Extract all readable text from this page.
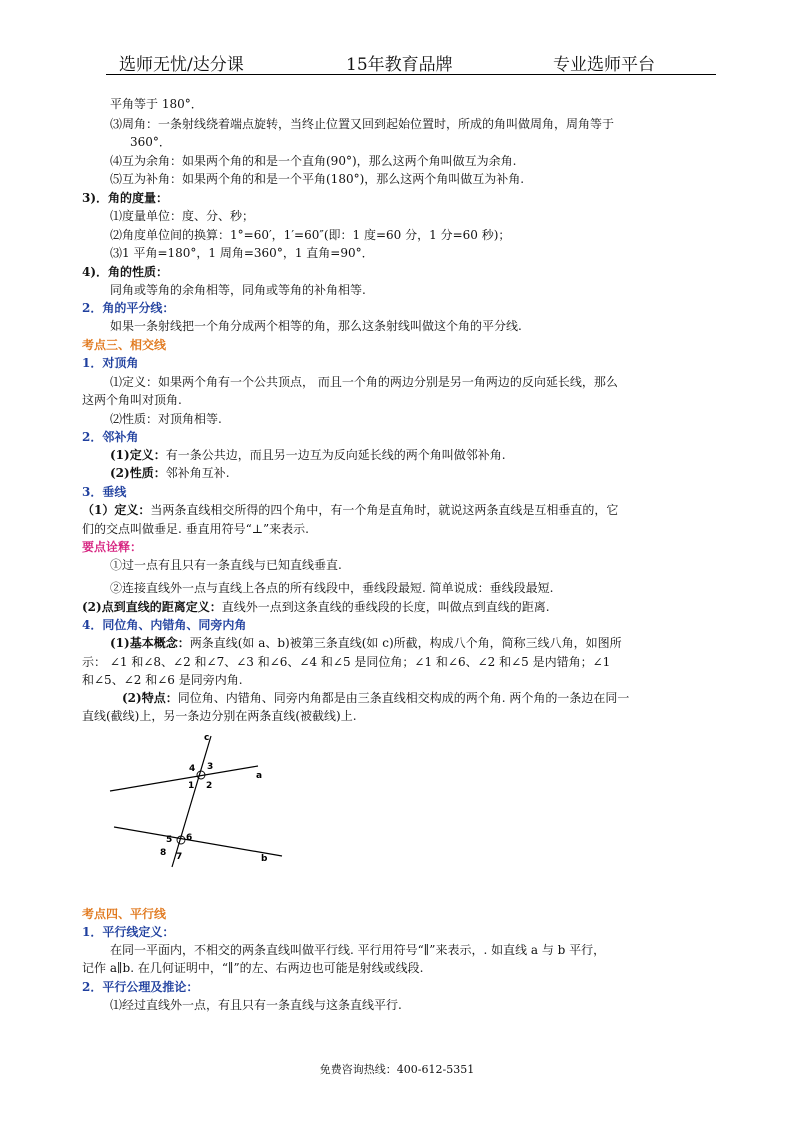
选师无忧/达分课	15年教育品牌	专业选师平台
平角等于 180°．
⑶周角：一条射线绕着端点旋转，当终止位置又回到起始位置时，所成的角叫做周角，周角等于
360°．
⑷互为余角：如果两个角的和是一个直角(90°)，那么这两个角叫做互为余角.
⑸互为补角：如果两个角的和是一个平角(180°)，那么这两个角叫做互为补角.
3)．角的度量：
⑴度量单位：度、分、秒；
⑵角度单位间的换算：1°=60′，1′=60″(即：1 度=60 分，1 分=60 秒)；
⑶1 平角=180°，1 周角=360°，1 直角=90°．
4)．角的性质：
同角或等角的余角相等，同角或等角的补角相等.
2．角的平分线：
如果一条射线把一个角分成两个相等的角，那么这条射线叫做这个角的平分线.
考点三、相交线
1．对顶角
⑴定义：如果两个角有一个公共顶点， 而且一个角的两边分别是另一角两边的反向延长线，那么
这两个角叫对顶角.
⑵性质：对顶角相等.
2．邻补角
(1)定义：有一条公共边，而且另一边互为反向延长线的两个角叫做邻补角.
(2)性质：邻补角互补.
3．垂线
（1）定义：当两条直线相交所得的四个角中，有一个角是直角时，就说这两条直线是互相垂直的，它
们的交点叫做垂足. 垂直用符号“⊥”来表示.
要点诠释：
①过一点有且只有一条直线与已知直线垂直.
②连接直线外一点与直线上各点的所有线段中，垂线段最短. 简单说成：垂线段最短.
(2)点到直线的距离定义：直线外一点到这条直线的垂线段的长度，叫做点到直线的距离.
4．同位角、内错角、同旁内角
(1)基本概念：两条直线(如 a、b)被第三条直线(如 c)所截，构成八个角，简称三线八角，如图所
示： ∠1 和∠8、∠2 和∠7、∠3 和∠6、∠4 和∠5 是同位角；∠1 和∠6、∠2 和∠5 是内错角；∠1
和∠5、∠2 和∠6 是同旁内角.
(2)特点：同位角、内错角、同旁内角都是由三条直线相交构成的两个角. 两个角的一条边在同一
直线(截线)上，另一条边分别在两条直线(被截线)上.
c
a
b
4 3
1 2
5 6
8 7
考点四、平行线
1．平行线定义：
在同一平面内，不相交的两条直线叫做平行线. 平行用符号“∥”来表示，. 如直线 a 与 b 平行，
记作 a∥b. 在几何证明中，“∥”的左、右两边也可能是射线或线段.
2．平行公理及推论：
⑴经过直线外一点，有且只有一条直线与这条直线平行.
免费咨询热线：400-612-5351
